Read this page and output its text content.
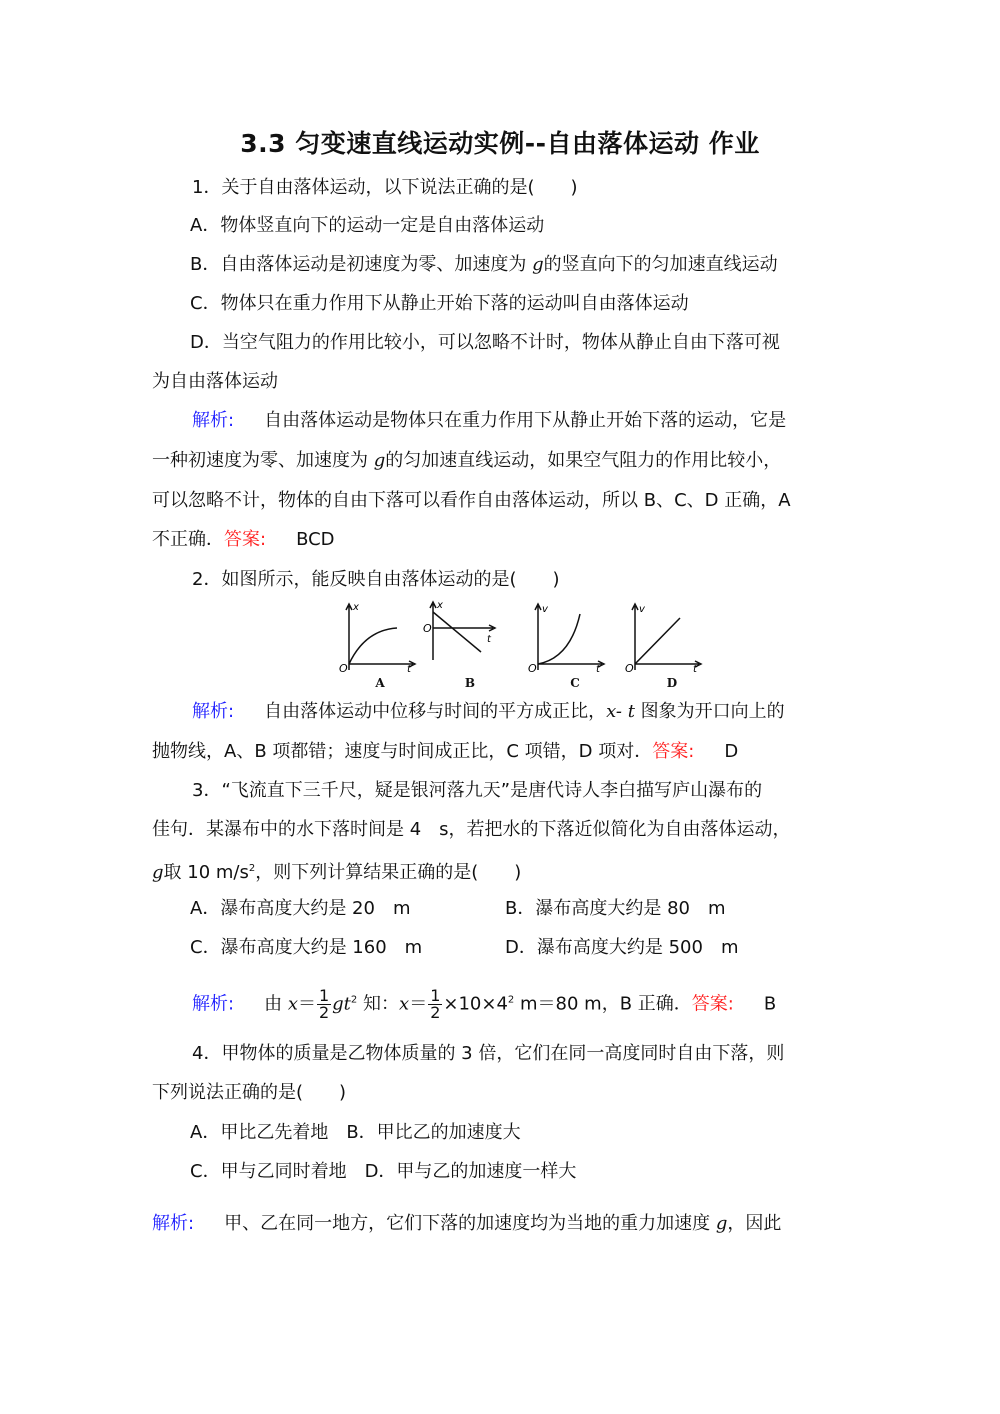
3.3 匀变速直线运动实例--自由落体运动 作业
1．关于自由落体运动，以下说法正确的是(　　)
A．物体竖直向下的运动一定是自由落体运动
B．自由落体运动是初速度为零、加速度为 g的竖直向下的匀加速直线运动
C．物体只在重力作用下从静止开始下落的运动叫自由落体运动
D．当空气阻力的作用比较小，可以忽略不计时，物体从静止自由下落可视
为自由落体运动
解析: 自由落体运动是物体只在重力作用下从静止开始下落的运动，它是
一种初速度为零、加速度为 g的匀加速直线运动，如果空气阻力的作用比较小，
可以忽略不计，物体的自由下落可以看作自由落体运动，所以 B、C、D 正确，A
不正确．答案: BCD
2．如图所示，能反映自由落体运动的是(　　)
x
O	t
A
x
O
t
B
v
O	t
C
v
O	t
D
解析: 自由落体运动中位移与时间的平方成正比，x- t 图象为开口向上的
抛物线，A、B 项都错；速度与时间成正比，C 项错，D 项对．答案: D
3．“飞流直下三千尺，疑是银河落九天”是唐代诗人李白描写庐山瀑布的
佳句．某瀑布中的水下落时间是 4　s，若把水的下落近似简化为自由落体运动，
g取 10 $m/s^2$，则下列计算结果正确的是(　　)
A．瀑布高度大约是 20　m	B．瀑布高度大约是 80　m
C．瀑布高度大约是 160　m	D．瀑布高度大约是 500　m
解析: 由 $x= \frac{1}{2} gt^2$ 知：$x= \frac{1}{2} \times 10\times 4^2$ m＝80 m，B 正确．答案: B
4．甲物体的质量是乙物体质量的 3 倍，它们在同一高度同时自由下落，则
下列说法正确的是(　　)
A．甲比乙先着地　B．甲比乙的加速度大
C．甲与乙同时着地　D．甲与乙的加速度一样大
解析: 甲、乙在同一地方，它们下落的加速度均为当地的重力加速度 g，因此
